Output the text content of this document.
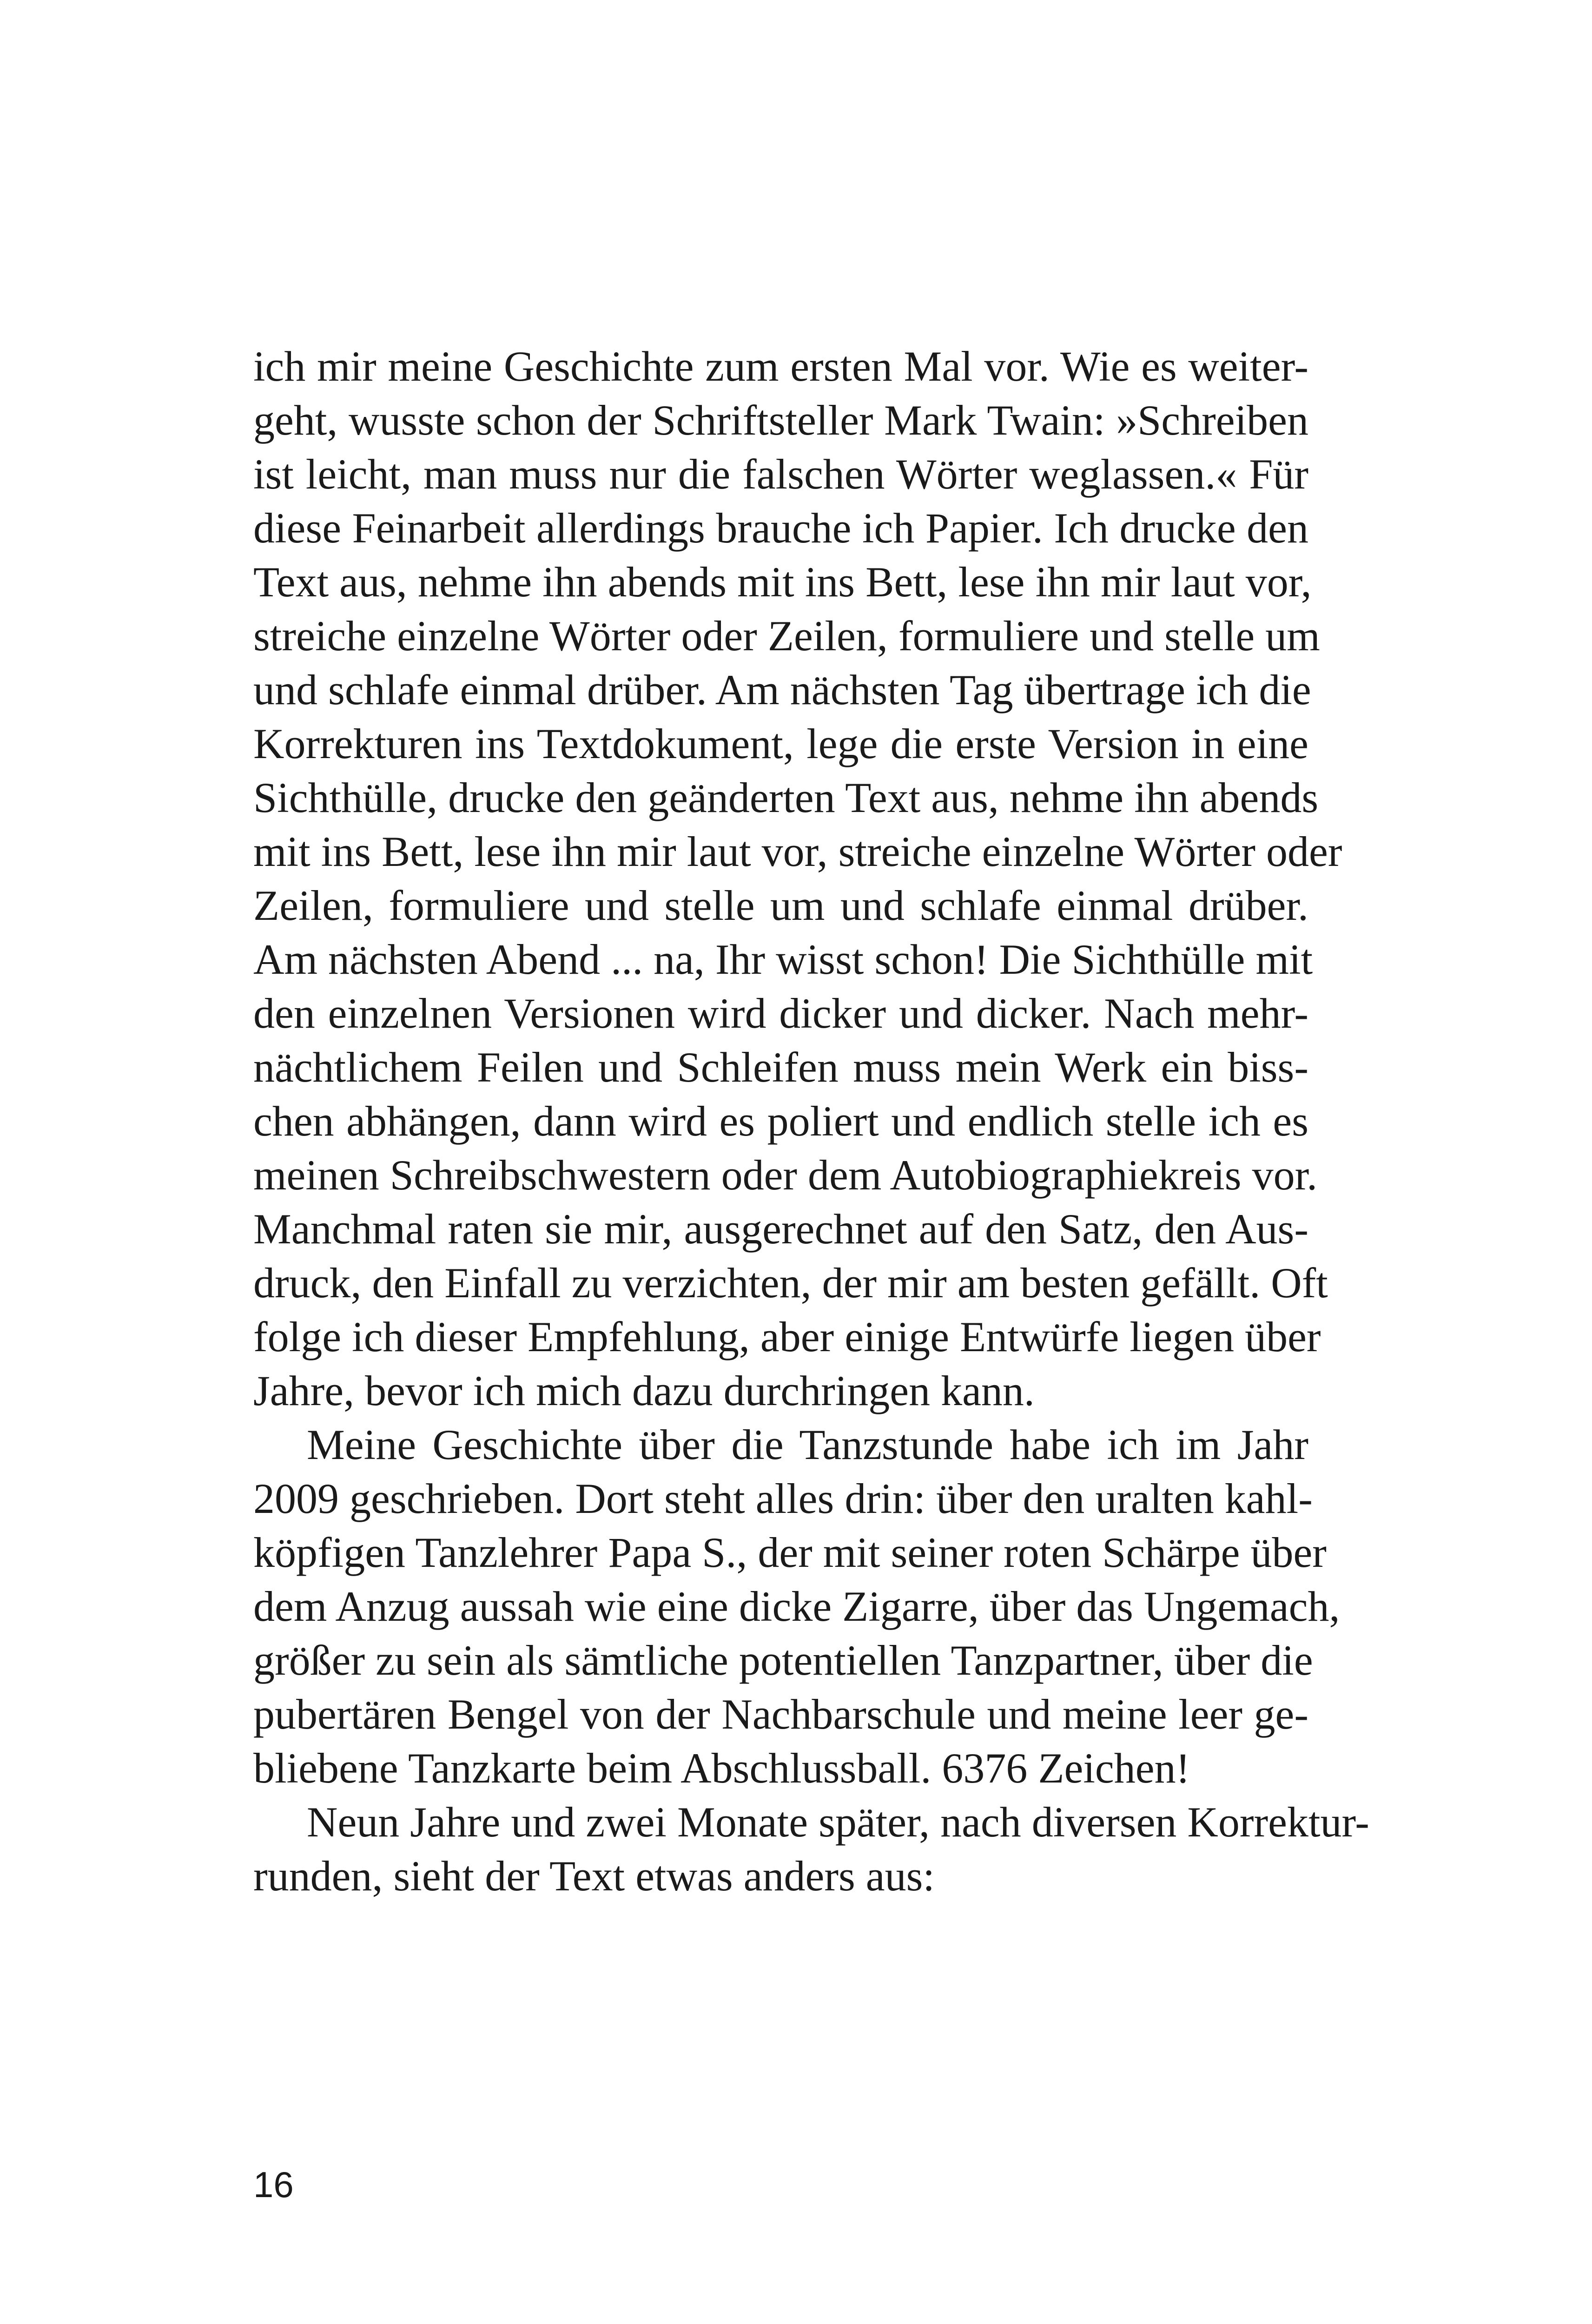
ich mir meine Geschichte zum ersten Mal vor. Wie es weiter-
geht, wusste schon der Schriftsteller Mark Twain: »Schreiben
ist leicht, man muss nur die falschen Wörter weglassen.« Für
diese Feinarbeit allerdings brauche ich Papier. Ich drucke den
Text aus, nehme ihn abends mit ins Bett, lese ihn mir laut vor,
streiche einzelne Wörter oder Zeilen, formuliere und stelle um
und schlafe einmal drüber. Am nächsten Tag übertrage ich die
Korrekturen ins Textdokument, lege die erste Version in eine
Sichthülle, drucke den geänderten Text aus, nehme ihn abends
mit ins Bett, lese ihn mir laut vor, streiche einzelne Wörter oder
Zeilen, formuliere und stelle um und schlafe einmal drüber.
Am nächsten Abend ... na, Ihr wisst schon! Die Sichthülle mit
den einzelnen Versionen wird dicker und dicker. Nach mehr-
nächtlichem Feilen und Schleifen muss mein Werk ein biss-
chen abhängen, dann wird es poliert und endlich stelle ich es
meinen Schreibschwestern oder dem Autobiographiekreis vor.
Manchmal raten sie mir, ausgerechnet auf den Satz, den Aus-
druck, den Einfall zu verzichten, der mir am besten gefällt. Oft
folge ich dieser Empfehlung, aber einige Entwürfe liegen über
Jahre, bevor ich mich dazu durchringen kann.

Meine Geschichte über die Tanzstunde habe ich im Jahr
2009 geschrieben. Dort steht alles drin: über den uralten kahl-
köpfigen Tanzlehrer Papa S., der mit seiner roten Schärpe über
dem Anzug aussah wie eine dicke Zigarre, über das Ungemach,
größer zu sein als sämtliche potentiellen Tanzpartner, über die
pubertären Bengel von der Nachbarschule und meine leer ge-
bliebene Tanzkarte beim Abschlussball. 6376 Zeichen!

Neun Jahre und zwei Monate später, nach diversen Korrektur-
runden, sieht der Text etwas anders aus:

16
